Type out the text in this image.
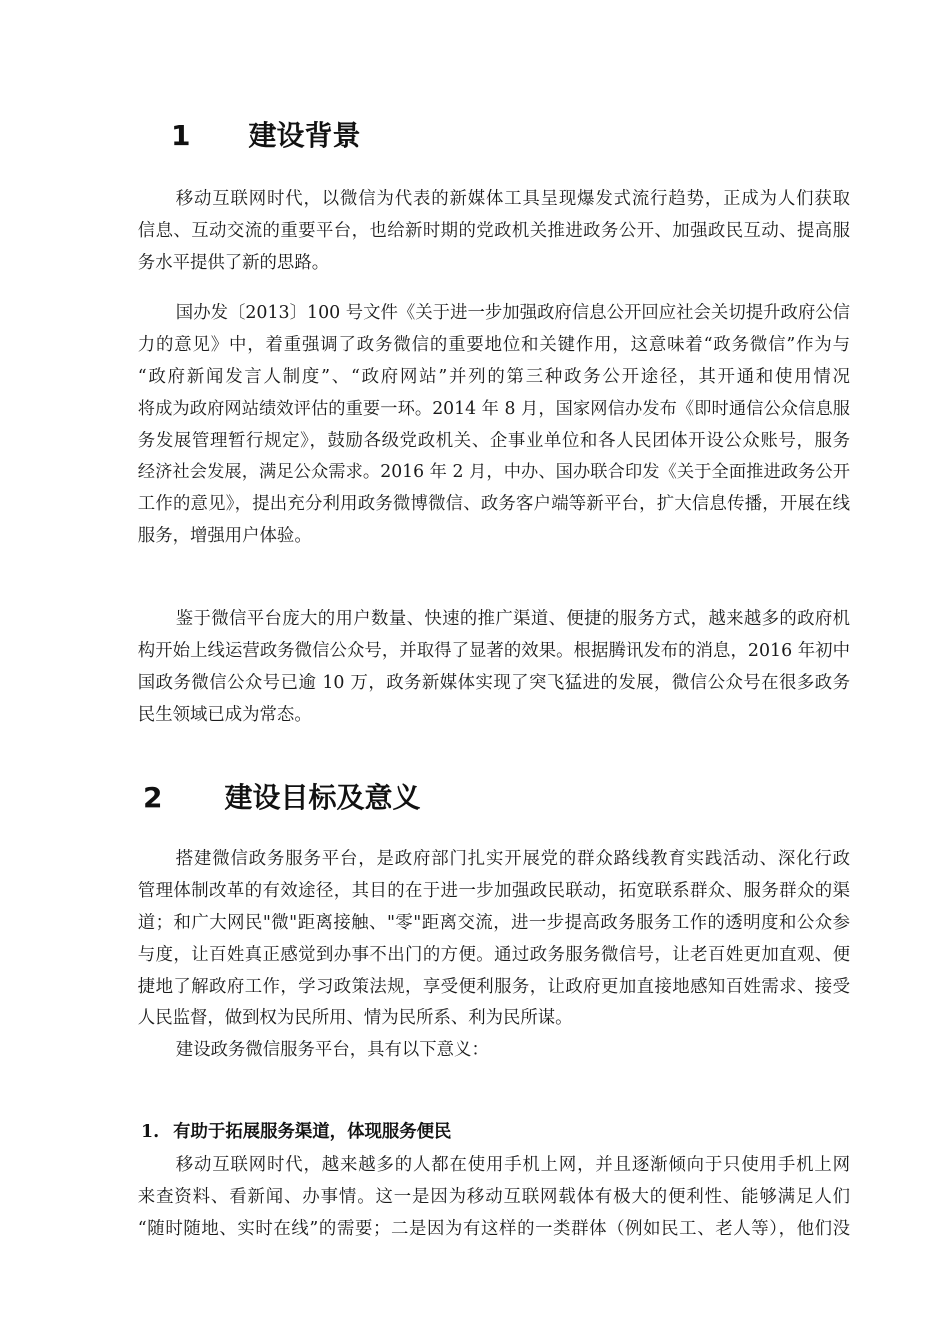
1 建设背景
移动互联网时代，以微信为代表的新媒体工具呈现爆发式流行趋势，正成为人们获取
信息、互动交流的重要平台，也给新时期的党政机关推进政务公开、加强政民互动、提高服
务水平提供了新的思路。
国办发〔2013〕100 号文件《关于进一步加强政府信息公开回应社会关切提升政府公信
力的意见》中，着重强调了政务微信的重要地位和关键作用，这意味着“政务微信”作为与
“政府新闻发言人制度”、“政府网站”并列的第三种政务公开途径，其开通和使用情况
将成为政府网站绩效评估的重要一环。2014 年 8 月，国家网信办发布《即时通信公众信息服
务发展管理暂行规定》，鼓励各级党政机关、企事业单位和各人民团体开设公众账号，服务
经济社会发展，满足公众需求。2016 年 2 月，中办、国办联合印发《关于全面推进政务公开
工作的意见》，提出充分利用政务微博微信、政务客户端等新平台，扩大信息传播，开展在线
服务，增强用户体验。
鉴于微信平台庞大的用户数量、快速的推广渠道、便捷的服务方式，越来越多的政府机
构开始上线运营政务微信公众号，并取得了显著的效果。根据腾讯发布的消息，2016 年初中
国政务微信公众号已逾 10 万，政务新媒体实现了突飞猛进的发展，微信公众号在很多政务
民生领域已成为常态。
2 建设目标及意义
搭建微信政务服务平台，是政府部门扎实开展党的群众路线教育实践活动、深化行政
管理体制改革的有效途径，其目的在于进一步加强政民联动，拓宽联系群众、服务群众的渠
道；和广大网民"微"距离接触、"零"距离交流，进一步提高政务服务工作的透明度和公众参
与度，让百姓真正感觉到办事不出门的方便。通过政务服务微信号，让老百姓更加直观、便
捷地了解政府工作，学习政策法规，享受便利服务，让政府更加直接地感知百姓需求、接受
人民监督，做到权为民所用、情为民所系、利为民所谋。
建设政务微信服务平台，具有以下意义：
1. 有助于拓展服务渠道，体现服务便民
移动互联网时代，越来越多的人都在使用手机上网，并且逐渐倾向于只使用手机上网
来查资料、看新闻、办事情。这一是因为移动互联网载体有极大的便利性、能够满足人们
“随时随地、实时在线”的需要；二是因为有这样的一类群体（例如民工、老人等），他们没
